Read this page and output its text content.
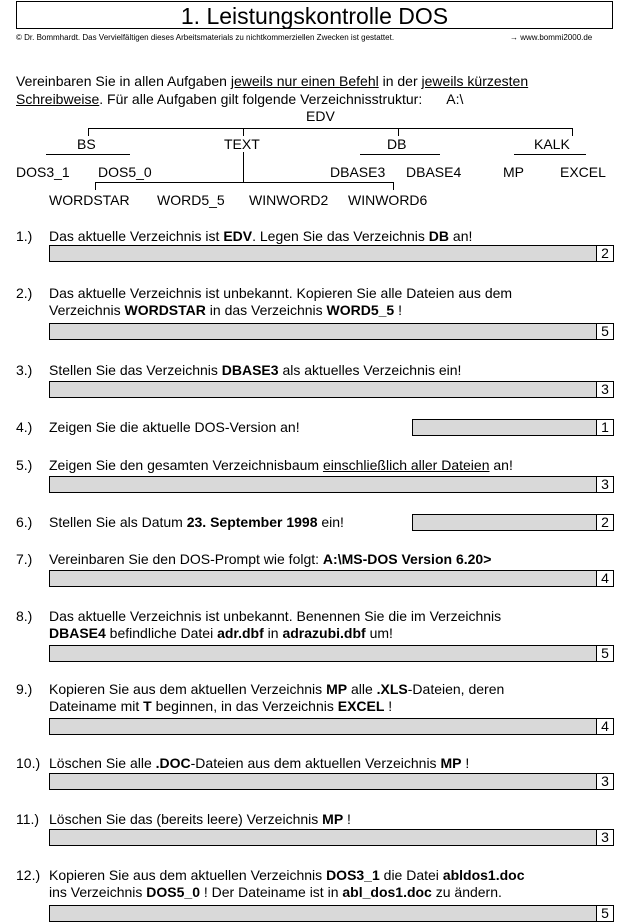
1. Leistungskontrolle DOS
© Dr. Bommhardt. Das Vervielfältigen dieses Arbeitsmaterials zu nichtkommerziellen Zwecken ist gestattet.	→ www.bommi2000.de
Vereinbaren Sie in allen Aufgaben jeweils nur einen Befehl in der jeweils kürzesten
Schreibweise. Für alle Aufgaben gilt folgende Verzeichnisstruktur: A:\
EDV
BS	TEXT	DB	KALK
DOS3_1 DOS5_0	DBASE3 DBASE4	MP	EXCEL
WORDSTAR WORD5_5 WINWORD2 WINWORD6
1.) Das aktuelle Verzeichnis ist EDV. Legen Sie das Verzeichnis DB an!
2
2.) Das aktuelle Verzeichnis ist unbekannt. Kopieren Sie alle Dateien aus dem
Verzeichnis WORDSTAR in das Verzeichnis WORD5_5 !
5
3.) Stellen Sie das Verzeichnis DBASE3 als aktuelles Verzeichnis ein!
3
4.) Zeigen Sie die aktuelle DOS-Version an!	1
5.) Zeigen Sie den gesamten Verzeichnisbaum einschließlich aller Dateien an!
3
6.) Stellen Sie als Datum 23. September 1998 ein!	2
7.) Vereinbaren Sie den DOS-Prompt wie folgt: A:\MS-DOS Version 6.20>
4
8.) Das aktuelle Verzeichnis ist unbekannt. Benennen Sie die im Verzeichnis
DBASE4 befindliche Datei adr.dbf in adrazubi.dbf um!
5
9.) Kopieren Sie aus dem aktuellen Verzeichnis MP alle .XLS-Dateien, deren
Dateiname mit T beginnen, in das Verzeichnis EXCEL !
4
10.) Löschen Sie alle .DOC-Dateien aus dem aktuellen Verzeichnis MP !
3
11.) Löschen Sie das (bereits leere) Verzeichnis MP !
3
12.) Kopieren Sie aus dem aktuellen Verzeichnis DOS3_1 die Datei abldos1.doc
ins Verzeichnis DOS5_0 ! Der Dateiname ist in abl_dos1.doc zu ändern.
5
